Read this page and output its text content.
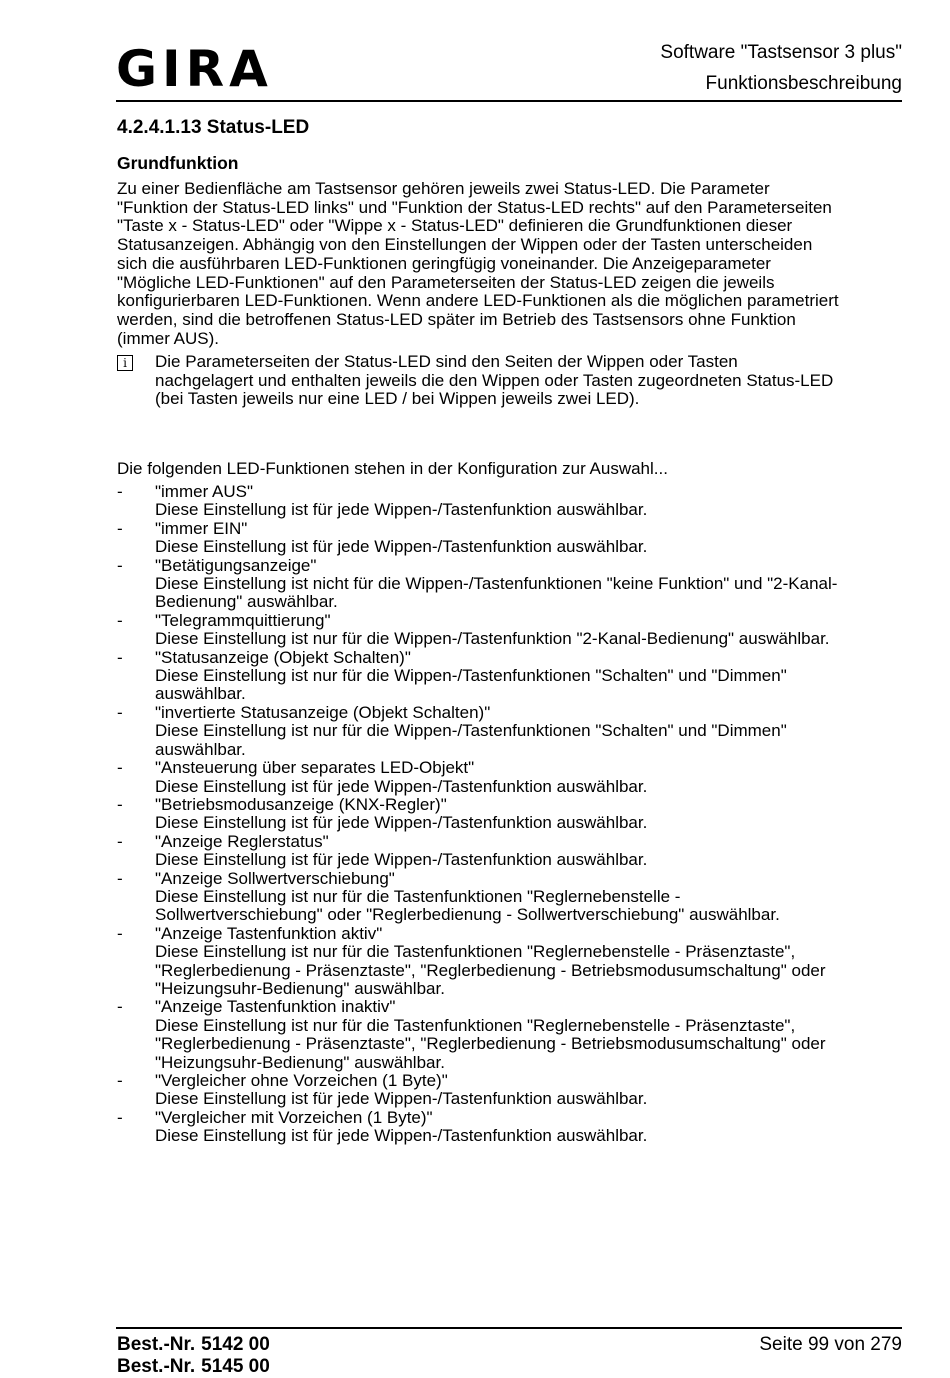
GIRA	Software "Tastsensor 3 plus"
Funktionsbeschreibung
4.2.4.1.13 Status-LED
Grundfunktion
Zu einer Bedienfläche am Tastsensor gehören jeweils zwei Status-LED. Die Parameter
"Funktion der Status-LED links" und "Funktion der Status-LED rechts" auf den Parameterseiten
"Taste x - Status-LED" oder "Wippe x - Status-LED" definieren die Grundfunktionen dieser
Statusanzeigen. Abhängig von den Einstellungen der Wippen oder der Tasten unterscheiden
sich die ausführbaren LED-Funktionen geringfügig voneinander. Die Anzeigeparameter
"Mögliche LED-Funktionen" auf den Parameterseiten der Status-LED zeigen die jeweils
konfigurierbaren LED-Funktionen. Wenn andere LED-Funktionen als die möglichen parametriert
werden, sind die betroffenen Status-LED später im Betrieb des Tastsensors ohne Funktion
(immer AUS).
i	Die Parameterseiten der Status-LED sind den Seiten der Wippen oder Tasten
nachgelagert und enthalten jeweils die den Wippen oder Tasten zugeordneten Status-LED
(bei Tasten jeweils nur eine LED / bei Wippen jeweils zwei LED).
Die folgenden LED-Funktionen stehen in der Konfiguration zur Auswahl...
- "immer AUS"
Diese Einstellung ist für jede Wippen-/Tastenfunktion auswählbar.
- "immer EIN"
Diese Einstellung ist für jede Wippen-/Tastenfunktion auswählbar.
- "Betätigungsanzeige"
Diese Einstellung ist nicht für die Wippen-/Tastenfunktionen "keine Funktion" und "2-Kanal-
Bedienung" auswählbar.
- "Telegrammquittierung"
Diese Einstellung ist nur für die Wippen-/Tastenfunktion "2-Kanal-Bedienung" auswählbar.
- "Statusanzeige (Objekt Schalten)"
Diese Einstellung ist nur für die Wippen-/Tastenfunktionen "Schalten" und "Dimmen"
auswählbar.
- "invertierte Statusanzeige (Objekt Schalten)"
Diese Einstellung ist nur für die Wippen-/Tastenfunktionen "Schalten" und "Dimmen"
auswählbar.
- "Ansteuerung über separates LED-Objekt"
Diese Einstellung ist für jede Wippen-/Tastenfunktion auswählbar.
- "Betriebsmodusanzeige (KNX-Regler)"
Diese Einstellung ist für jede Wippen-/Tastenfunktion auswählbar.
- "Anzeige Reglerstatus"
Diese Einstellung ist für jede Wippen-/Tastenfunktion auswählbar.
- "Anzeige Sollwertverschiebung"
Diese Einstellung ist nur für die Tastenfunktionen "Reglernebenstelle -
Sollwertverschiebung" oder "Reglerbedienung - Sollwertverschiebung" auswählbar.
- "Anzeige Tastenfunktion aktiv"
Diese Einstellung ist nur für die Tastenfunktionen "Reglernebenstelle - Präsenztaste",
"Reglerbedienung - Präsenztaste", "Reglerbedienung - Betriebsmodusumschaltung" oder
"Heizungsuhr-Bedienung" auswählbar.
- "Anzeige Tastenfunktion inaktiv"
Diese Einstellung ist nur für die Tastenfunktionen "Reglernebenstelle - Präsenztaste",
"Reglerbedienung - Präsenztaste", "Reglerbedienung - Betriebsmodusumschaltung" oder
"Heizungsuhr-Bedienung" auswählbar.
- "Vergleicher ohne Vorzeichen (1 Byte)"
Diese Einstellung ist für jede Wippen-/Tastenfunktion auswählbar.
- "Vergleicher mit Vorzeichen (1 Byte)"
Diese Einstellung ist für jede Wippen-/Tastenfunktion auswählbar.
Best.-Nr. 5142 00
Best.-Nr. 5145 00
Seite 99 von 279
